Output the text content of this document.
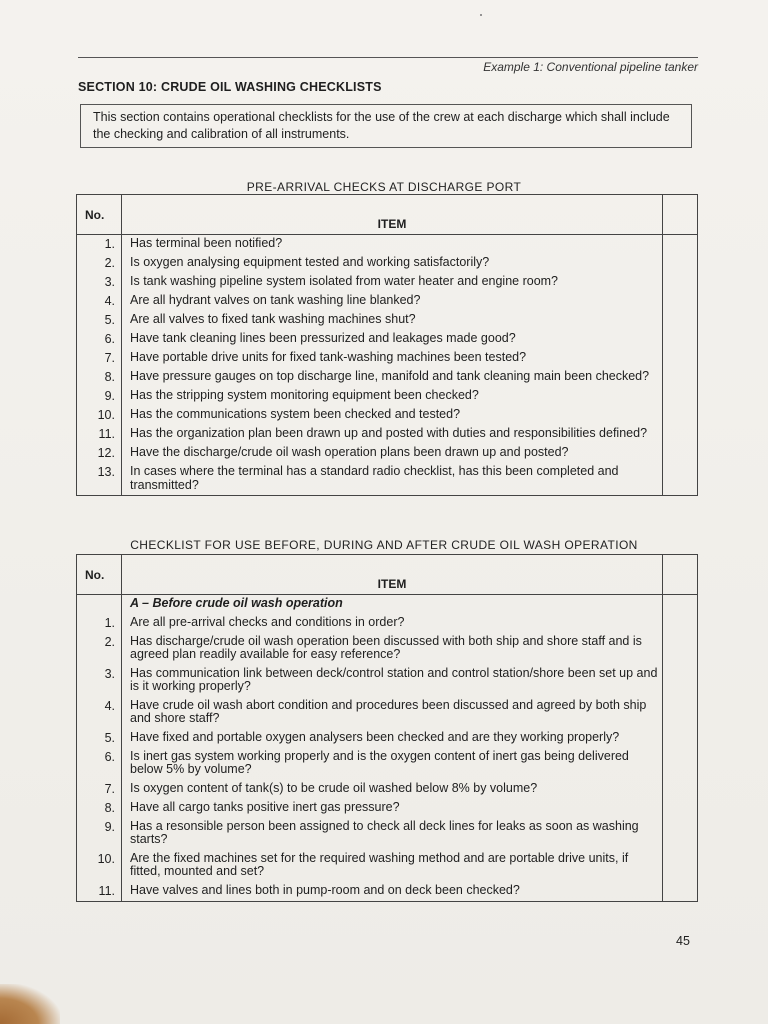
Example 1: Conventional pipeline tanker
SECTION 10: CRUDE OIL WASHING CHECKLISTS
This section contains operational checklists for the use of the crew at each discharge which shall include the checking and calibration of all instruments.
PRE-ARRIVAL CHECKS AT DISCHARGE PORT
No.	ITEM	
1.	Has terminal been notified?	
2.	Is oxygen analysing equipment tested and working satisfactorily?	
3.	Is tank washing pipeline system isolated from water heater and engine room?	
4.	Are all hydrant valves on tank washing line blanked?	
5.	Are all valves to fixed tank washing machines shut?	
6.	Have tank cleaning lines been pressurized and leakages made good?	
7.	Have portable drive units for fixed tank-washing machines been tested?	
8.	Have pressure gauges on top discharge line, manifold and tank cleaning main been checked?	
9.	Has the stripping system monitoring equipment been checked?	
10.	Has the communications system been checked and tested?	
11.	Has the organization plan been drawn up and posted with duties and responsibilities defined?	
12.	Have the discharge/crude oil wash operation plans been drawn up and posted?	
13.	In cases where the terminal has a standard radio checklist, has this been completed and transmitted?	
CHECKLIST FOR USE BEFORE, DURING AND AFTER CRUDE OIL WASH OPERATION
No.	ITEM	
	A – Before crude oil wash operation	
1.	Are all pre-arrival checks and conditions in order?	
2.	Has discharge/crude oil wash operation been discussed with both ship and shore staff and is agreed plan readily available for easy reference?	
3.	Has communication link between deck/control station and control station/shore been set up and is it working properly?	
4.	Have crude oil wash abort condition and procedures been discussed and agreed by both ship and shore staff?	
5.	Have fixed and portable oxygen analysers been checked and are they working properly?	
6.	Is inert gas system working properly and is the oxygen content of inert gas being delivered below 5% by volume?	
7.	Is oxygen content of tank(s) to be crude oil washed below 8% by volume?	
8.	Have all cargo tanks positive inert gas pressure?	
9.	Has a resonsible person been assigned to check all deck lines for leaks as soon as washing starts?	
10.	Are the fixed machines set for the required washing method and are portable drive units, if fitted, mounted and set?	
11.	Have valves and lines both in pump-room and on deck been checked?	
45
